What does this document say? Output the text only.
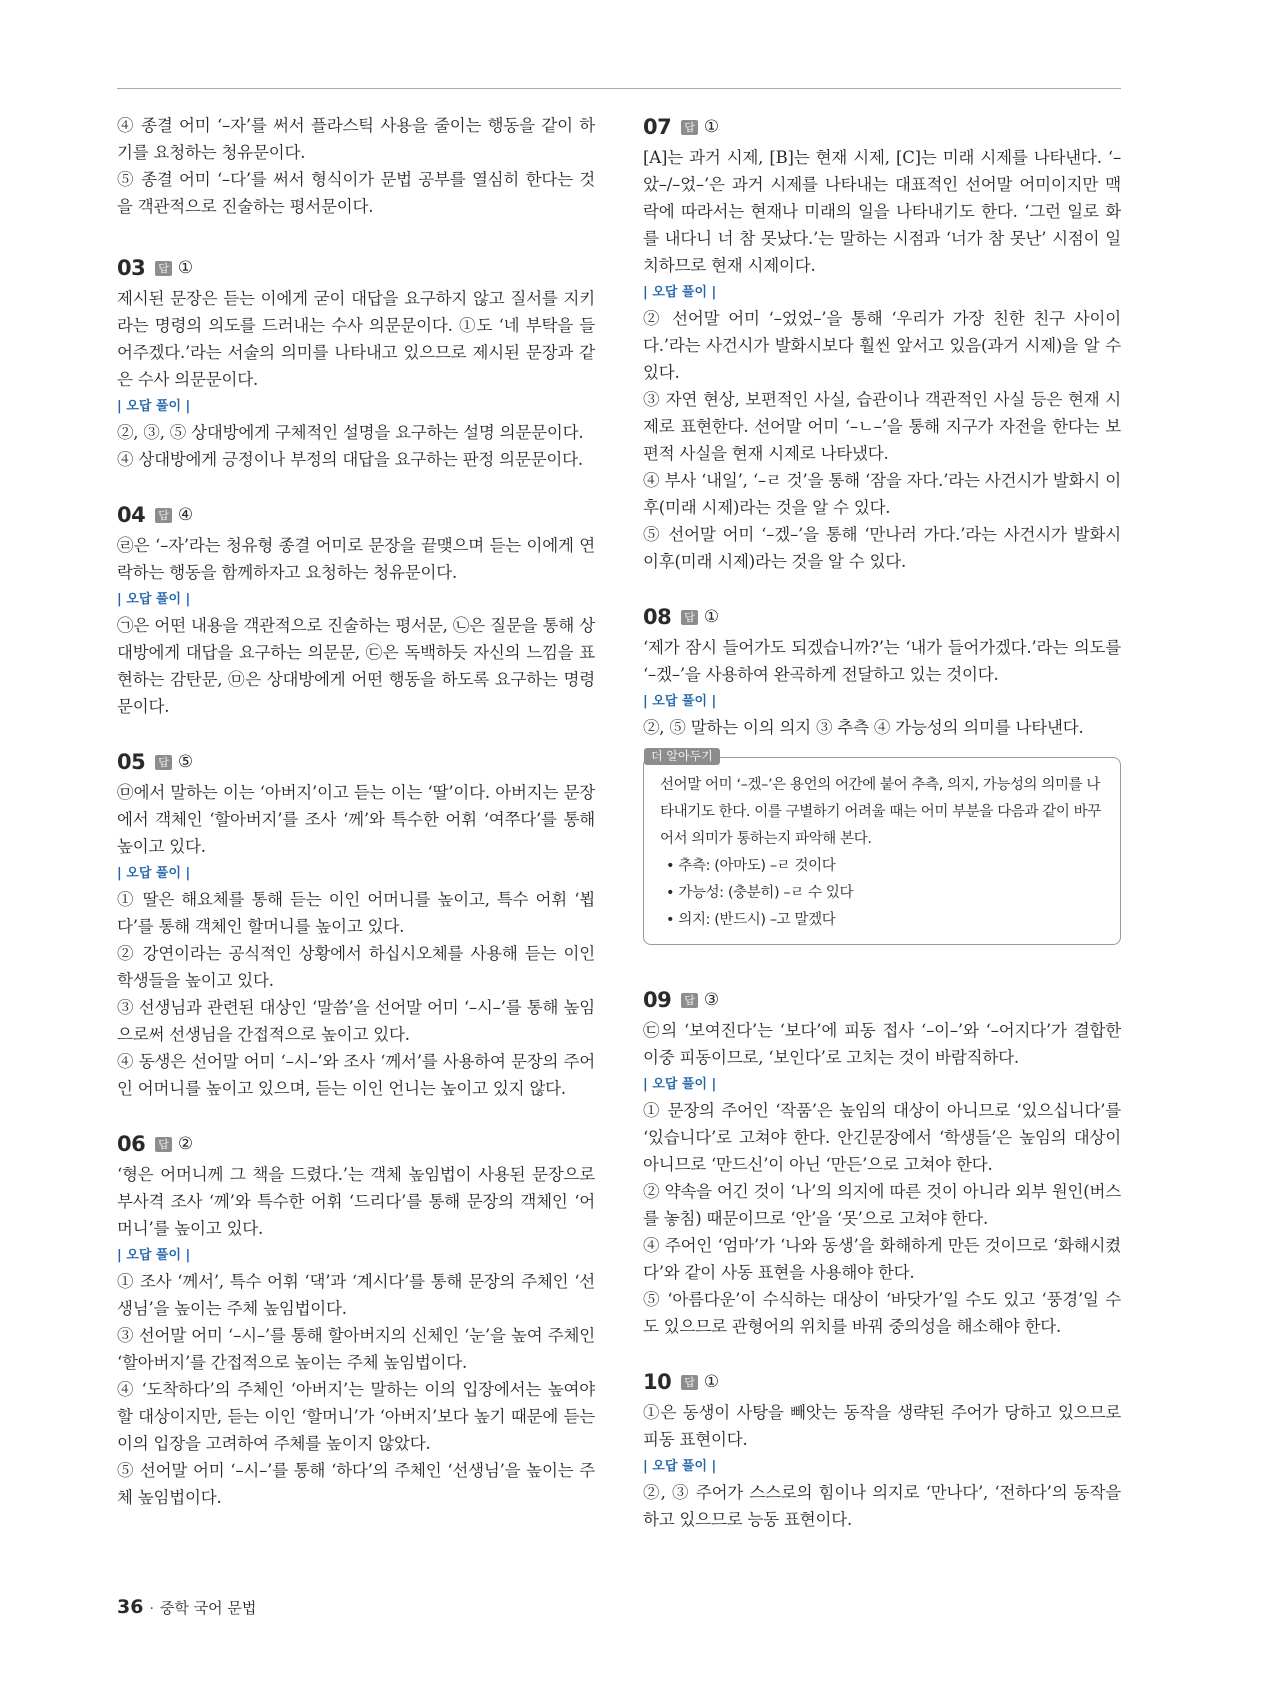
④ 종결 어미 ‘–자’를 써서 플라스틱 사용을 줄이는 행동을 같이 하기를 요청하는 청유문이다.

⑤ 종결 어미 ‘–다’를 써서 형식이가 문법 공부를 열심히 한다는 것을 객관적으로 진술하는 평서문이다.

03 답 ①

제시된 문장은 듣는 이에게 굳이 대답을 요구하지 않고 질서를 지키라는 명령의 의도를 드러내는 수사 의문문이다. ①도 ‘네 부탁을 들어주겠다.’라는 서술의 의미를 나타내고 있으므로 제시된 문장과 같은 수사 의문문이다.

| 오답 풀이 |

②, ③, ⑤ 상대방에게 구체적인 설명을 요구하는 설명 의문문이다.

④ 상대방에게 긍정이나 부정의 대답을 요구하는 판정 의문문이다.

04 답 ④

㉣은 ‘–자’라는 청유형 종결 어미로 문장을 끝맺으며 듣는 이에게 연락하는 행동을 함께하자고 요청하는 청유문이다.

| 오답 풀이 |

㉠은 어떤 내용을 객관적으로 진술하는 평서문, ㉡은 질문을 통해 상대방에게 대답을 요구하는 의문문, ㉢은 독백하듯 자신의 느낌을 표현하는 감탄문, ㉤은 상대방에게 어떤 행동을 하도록 요구하는 명령문이다.

05 답 ⑤

㉤에서 말하는 이는 ‘아버지’이고 듣는 이는 ‘딸’이다. 아버지는 문장에서 객체인 ‘할아버지’를 조사 ‘께’와 특수한 어휘 ‘여쭈다’를 통해 높이고 있다.

| 오답 풀이 |

① 딸은 해요체를 통해 듣는 이인 어머니를 높이고, 특수 어휘 ‘뵙다’를 통해 객체인 할머니를 높이고 있다.

② 강연이라는 공식적인 상황에서 하십시오체를 사용해 듣는 이인 학생들을 높이고 있다.

③ 선생님과 관련된 대상인 ‘말씀’을 선어말 어미 ‘–시–’를 통해 높임으로써 선생님을 간접적으로 높이고 있다.

④ 동생은 선어말 어미 ‘–시–’와 조사 ‘께서’를 사용하여 문장의 주어인 어머니를 높이고 있으며, 듣는 이인 언니는 높이고 있지 않다.

06 답 ②

‘형은 어머니께 그 책을 드렸다.’는 객체 높임법이 사용된 문장으로 부사격 조사 ‘께’와 특수한 어휘 ‘드리다’를 통해 문장의 객체인 ‘어머니’를 높이고 있다.

| 오답 풀이 |

① 조사 ‘께서’, 특수 어휘 ‘댁’과 ‘계시다’를 통해 문장의 주체인 ‘선생님’을 높이는 주체 높임법이다.

③ 선어말 어미 ‘–시–’를 통해 할아버지의 신체인 ‘눈’을 높여 주체인 ‘할아버지’를 간접적으로 높이는 주체 높임법이다.

④ ‘도착하다’의 주체인 ‘아버지’는 말하는 이의 입장에서는 높여야 할 대상이지만, 듣는 이인 ‘할머니’가 ‘아버지’보다 높기 때문에 듣는 이의 입장을 고려하여 주체를 높이지 않았다.

⑤ 선어말 어미 ‘–시–’를 통해 ‘하다’의 주체인 ‘선생님’을 높이는 주체 높임법이다.

07 답 ①

[A]는 과거 시제, [B]는 현재 시제, [C]는 미래 시제를 나타낸다. ‘–았–/–었–’은 과거 시제를 나타내는 대표적인 선어말 어미이지만 맥락에 따라서는 현재나 미래의 일을 나타내기도 한다. ‘그런 일로 화를 내다니 너 참 못났다.’는 말하는 시점과 ‘너가 참 못난’ 시점이 일치하므로 현재 시제이다.

| 오답 풀이 |

② 선어말 어미 ‘–었었–’을 통해 ‘우리가 가장 친한 친구 사이이다.’라는 사건시가 발화시보다 훨씬 앞서고 있음(과거 시제)을 알 수 있다.

③ 자연 현상, 보편적인 사실, 습관이나 객관적인 사실 등은 현재 시제로 표현한다. 선어말 어미 ‘–ㄴ–’을 통해 지구가 자전을 한다는 보편적 사실을 현재 시제로 나타냈다.

④ 부사 ‘내일’, ‘–ㄹ 것’을 통해 ‘잠을 자다.’라는 사건시가 발화시 이후(미래 시제)라는 것을 알 수 있다.

⑤ 선어말 어미 ‘–겠–’을 통해 ‘만나러 가다.’라는 사건시가 발화시 이후(미래 시제)라는 것을 알 수 있다.

08 답 ①

‘제가 잠시 들어가도 되겠습니까?’는 ‘내가 들어가겠다.’라는 의도를 ‘–겠–’을 사용하여 완곡하게 전달하고 있는 것이다.

| 오답 풀이 |

②, ⑤ 말하는 이의 의지 ③ 추측 ④ 가능성의 의미를 나타낸다.

더 알아두기

선어말 어미 ‘–겠–’은 용언의 어간에 붙어 추측, 의지, 가능성의 의미를 나타내기도 한다. 이를 구별하기 어려울 때는 어미 부분을 다음과 같이 바꾸어서 의미가 통하는지 파악해 본다.

• 추측: (아마도) –ㄹ 것이다
• 가능성: (충분히) –ㄹ 수 있다
• 의지: (반드시) –고 말겠다
09 답 ③

㉢의 ‘보여진다’는 ‘보다’에 피동 접사 ‘–이–’와 ‘–어지다’가 결합한 이중 피동이므로, ‘보인다’로 고치는 것이 바람직하다.

| 오답 풀이 |

① 문장의 주어인 ‘작품’은 높임의 대상이 아니므로 ‘있으십니다’를 ‘있습니다’로 고쳐야 한다. 안긴문장에서 ‘학생들’은 높임의 대상이 아니므로 ‘만드신’이 아닌 ‘만든’으로 고쳐야 한다.

② 약속을 어긴 것이 ‘나’의 의지에 따른 것이 아니라 외부 원인(버스를 놓침) 때문이므로 ‘안’을 ‘못’으로 고쳐야 한다.

④ 주어인 ‘엄마’가 ‘나와 동생’을 화해하게 만든 것이므로 ‘화해시켰다’와 같이 사동 표현을 사용해야 한다.

⑤ ‘아름다운’이 수식하는 대상이 ‘바닷가’일 수도 있고 ‘풍경’일 수도 있으므로 관형어의 위치를 바꿔 중의성을 해소해야 한다.

10 답 ①

①은 동생이 사탕을 빼앗는 동작을 생략된 주어가 당하고 있으므로 피동 표현이다.

| 오답 풀이 |

②, ③ 주어가 스스로의 힘이나 의지로 ‘만나다’, ‘전하다’의 동작을 하고 있으므로 능동 표현이다.

36 · 중학 국어 문법
